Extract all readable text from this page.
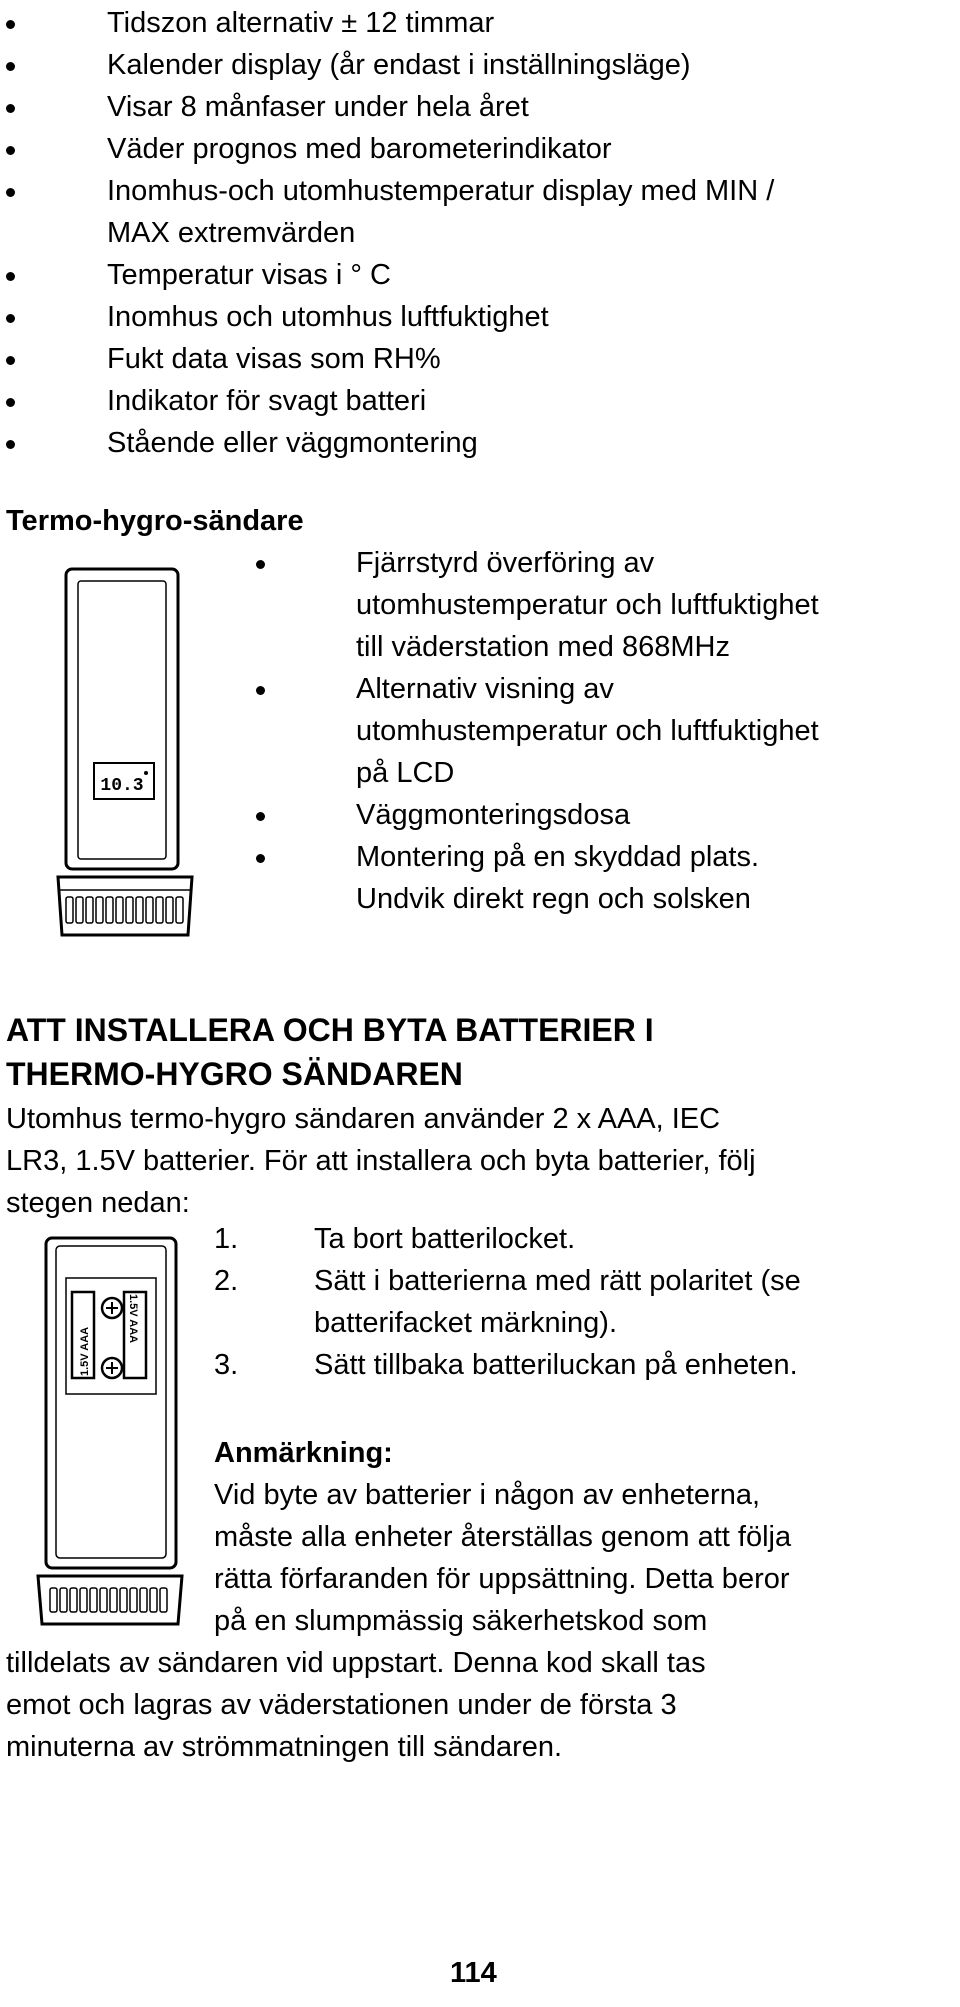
Tidszon alternativ ± 12 timmar
Kalender display (år endast i inställningsläge)
Visar 8 månfaser under hela året
Väder prognos med barometerindikator
Inomhus-och utomhustemperatur display med MIN /
MAX extremvärden
Temperatur visas i ° C
Inomhus och utomhus luftfuktighet
Fukt data visas som RH%
Indikator för svagt batteri
Stående eller väggmontering
Termo-hygro-sändare
10.3
Fjärrstyrd överföring av
utomhustemperatur och luftfuktighet
till väderstation med 868MHz
Alternativ visning av
utomhustemperatur och luftfuktighet
på LCD
Väggmonteringsdosa
Montering på en skyddad plats.
Undvik direkt regn och solsken
ATT INSTALLERA OCH BYTA BATTERIER I
THERMO-HYGRO SÄNDAREN
Utomhus termo-hygro sändaren använder 2 x AAA, IEC
LR3, 1.5V batterier. För att installera och byta batterier, följ
stegen nedan:
1.5V AAA
1.5V AAA
1.	Ta bort batterilocket.
2.	Sätt i batterierna med rätt polaritet (se
batterifacket märkning).
3.	Sätt tillbaka batteriluckan på enheten.
Anmärkning:
Vid byte av batterier i någon av enheterna,
måste alla enheter återställas genom att följa
rätta förfaranden för uppsättning. Detta beror
på en slumpmässig säkerhetskod som
tilldelats av sändaren vid uppstart. Denna kod skall tas
emot och lagras av väderstationen under de första 3
minuterna av strömmatningen till sändaren.
114
